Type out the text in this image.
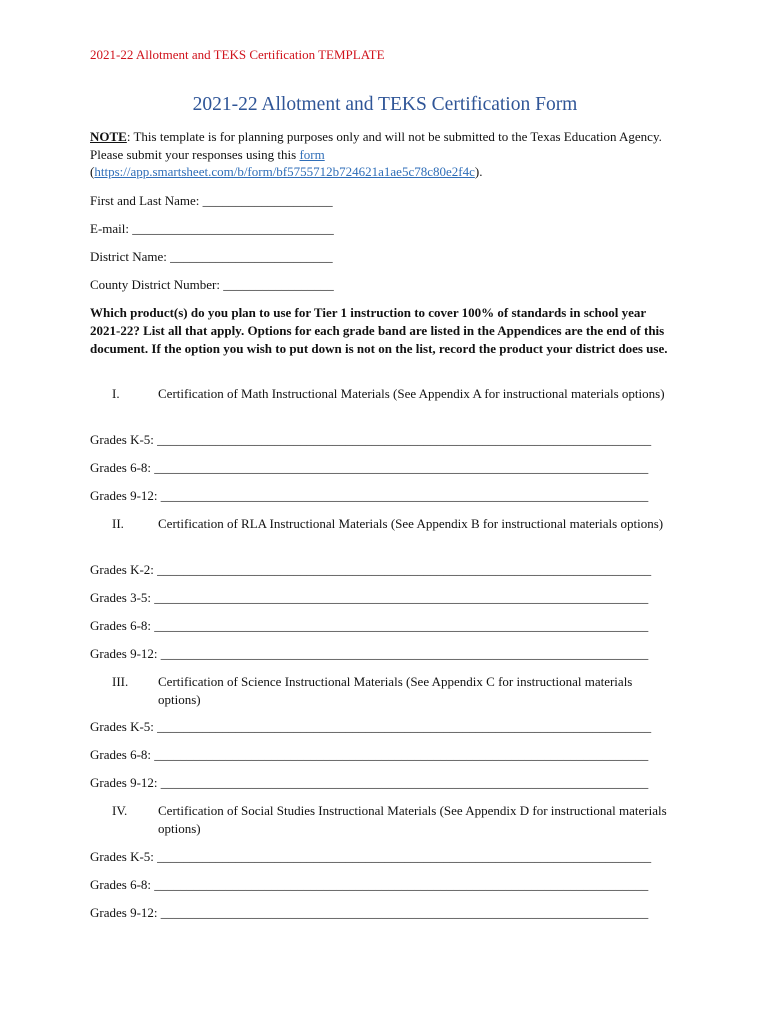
2021-22 Allotment and TEKS Certification TEMPLATE
2021-22 Allotment and TEKS Certification Form
NOTE: This template is for planning purposes only and will not be submitted to the Texas Education Agency. Please submit your responses using this form
(https://app.smartsheet.com/b/form/bf5755712b724621a1ae5c78c80e2f4c).
First and Last Name: ____________________
E-mail: _______________________________
District Name: _________________________
County District Number: _________________
Which product(s) do you plan to use for Tier 1 instruction to cover 100% of standards in school year 2021-22? List all that apply. Options for each grade band are listed in the Appendices are the end of this document. If the option you wish to put down is not on the list, record the product your district does use.
I.	Certification of Math Instructional Materials (See Appendix A for instructional materials options)
Grades K-5: ____________________________________________________________________________
Grades 6-8: ____________________________________________________________________________
Grades 9-12: ___________________________________________________________________________
II.	Certification of RLA Instructional Materials (See Appendix B for instructional materials options)
Grades K-2: ____________________________________________________________________________
Grades 3-5: ____________________________________________________________________________
Grades 6-8: ____________________________________________________________________________
Grades 9-12: ___________________________________________________________________________
III. Certification of Science Instructional Materials (See Appendix C for instructional materials options)
Grades K-5: ____________________________________________________________________________
Grades 6-8: ____________________________________________________________________________
Grades 9-12: ___________________________________________________________________________
IV. Certification of Social Studies Instructional Materials (See Appendix D for instructional materials options)
Grades K-5: ____________________________________________________________________________
Grades 6-8: ____________________________________________________________________________
Grades 9-12: ___________________________________________________________________________
